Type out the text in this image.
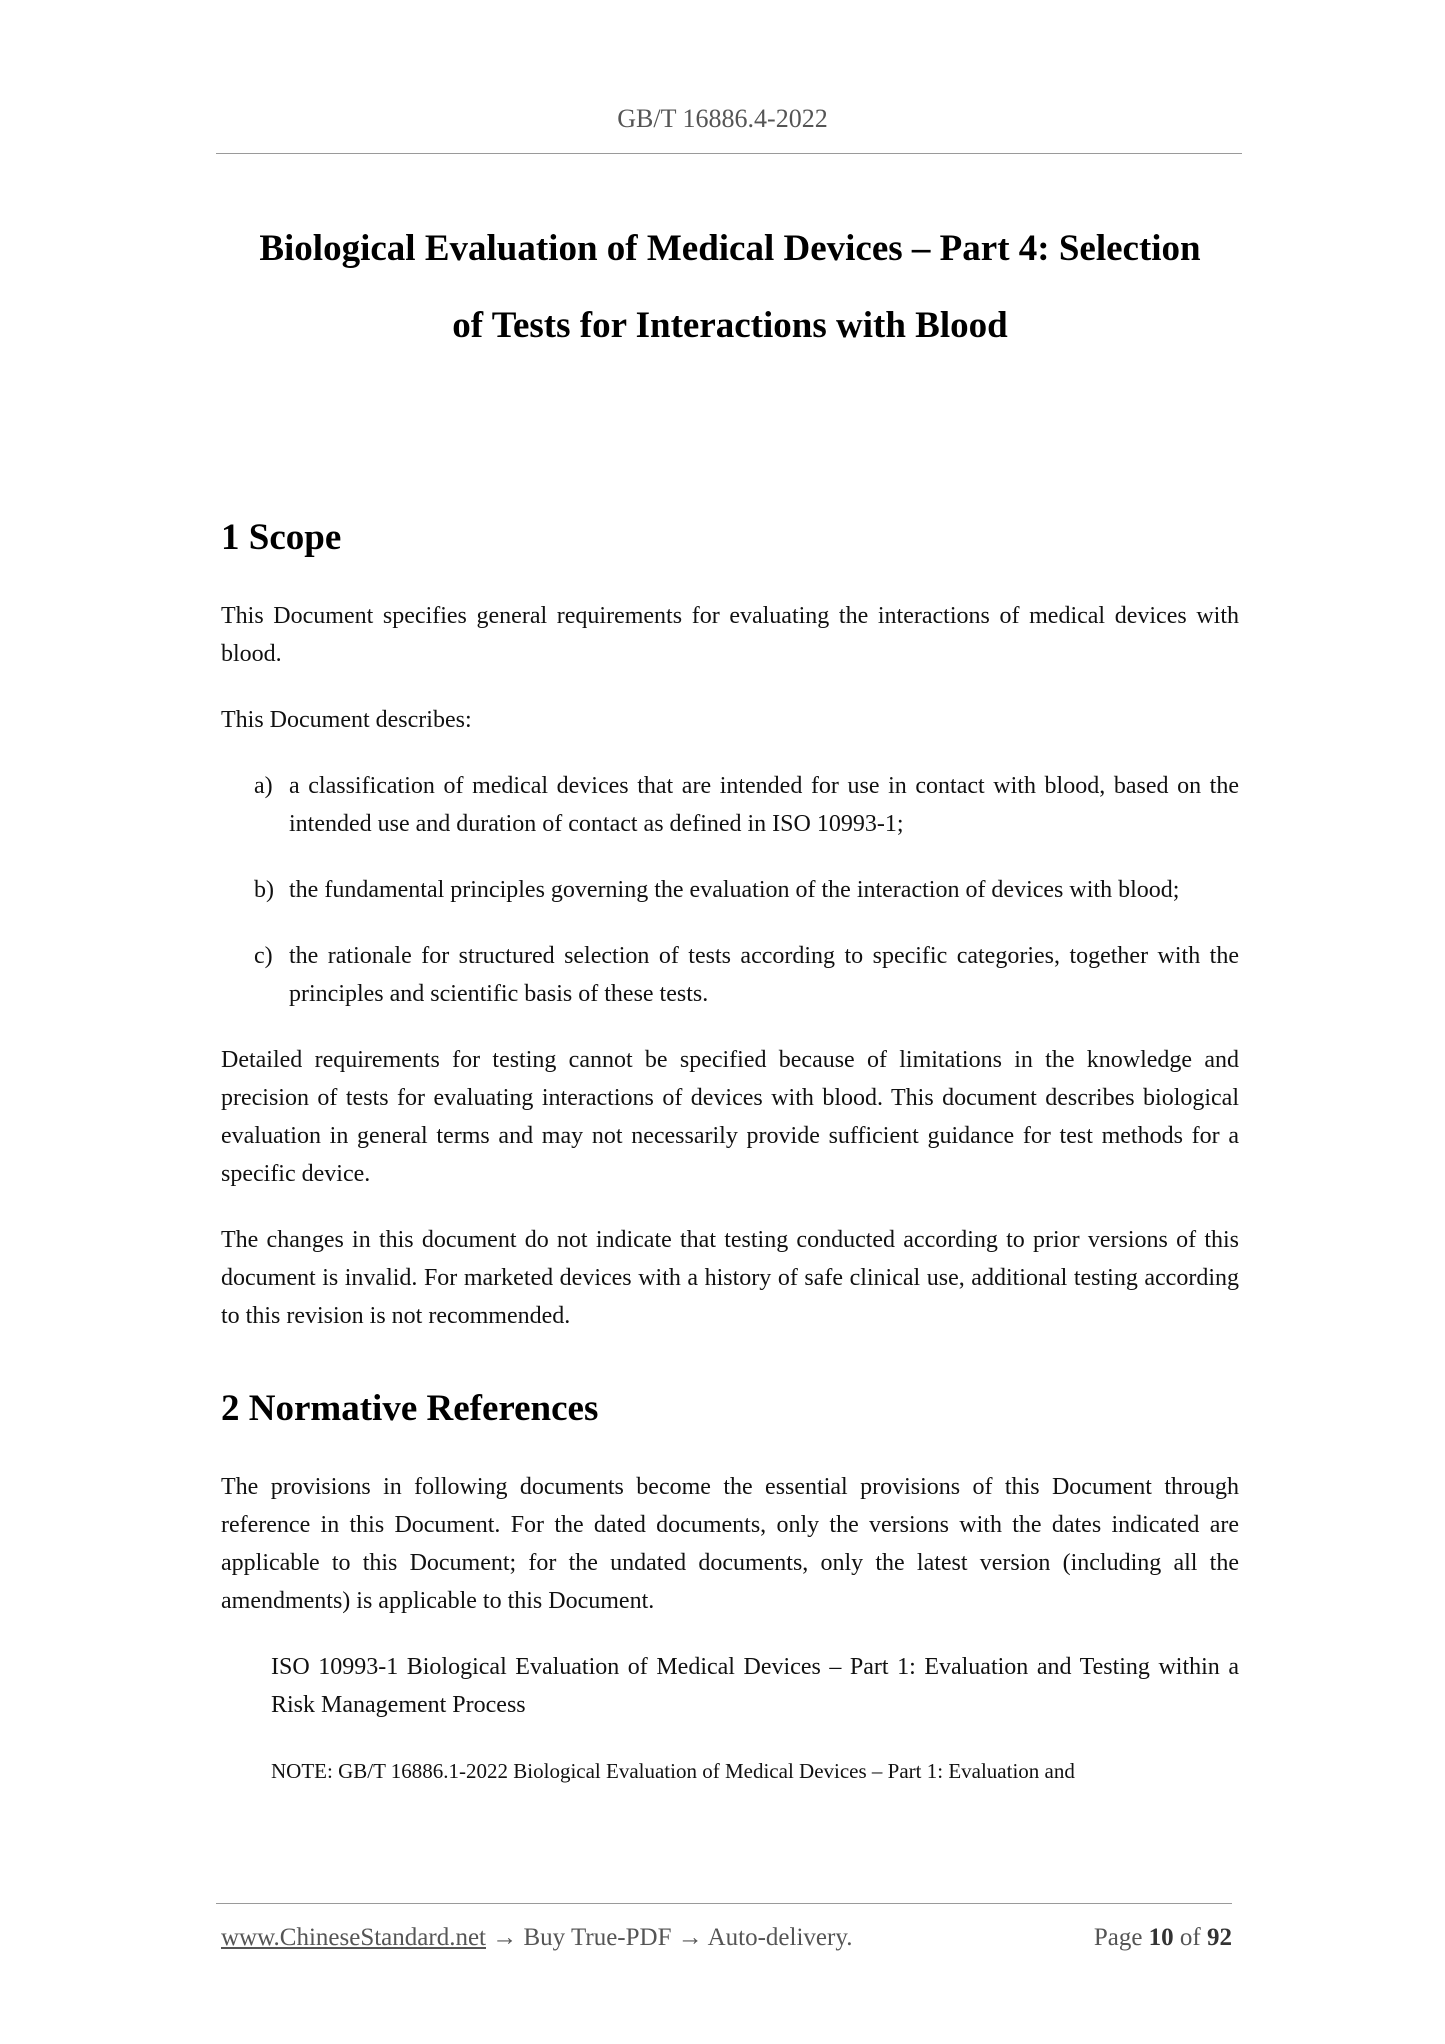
GB/T 16886.4-2022
Biological Evaluation of Medical Devices – Part 4: Selection
of Tests for Interactions with Blood
1 Scope

This Document specifies general requirements for evaluating the interactions of medical devices with blood.

This Document describes:

a) a classification of medical devices that are intended for use in contact with blood, based on the intended use and duration of contact as defined in ISO 10993-1;

b) the fundamental principles governing the evaluation of the interaction of devices with blood;

c) the rationale for structured selection of tests according to specific categories, together with the principles and scientific basis of these tests.

Detailed requirements for testing cannot be specified because of limitations in the knowledge and precision of tests for evaluating interactions of devices with blood. This document describes biological evaluation in general terms and may not necessarily provide sufficient guidance for test methods for a specific device.

The changes in this document do not indicate that testing conducted according to prior versions of this document is invalid. For marketed devices with a history of safe clinical use, additional testing according to this revision is not recommended.

2 Normative References

The provisions in following documents become the essential provisions of this Document through reference in this Document. For the dated documents, only the versions with the dates indicated are applicable to this Document; for the undated documents, only the latest version (including all the amendments) is applicable to this Document.

ISO 10993-1 Biological Evaluation of Medical Devices – Part 1: Evaluation and Testing within a Risk Management Process

NOTE: GB/T 16886.1-2022 Biological Evaluation of Medical Devices – Part 1: Evaluation and

www.ChineseStandard.net → Buy True-PDF → Auto-delivery.	Page 10 of 92
